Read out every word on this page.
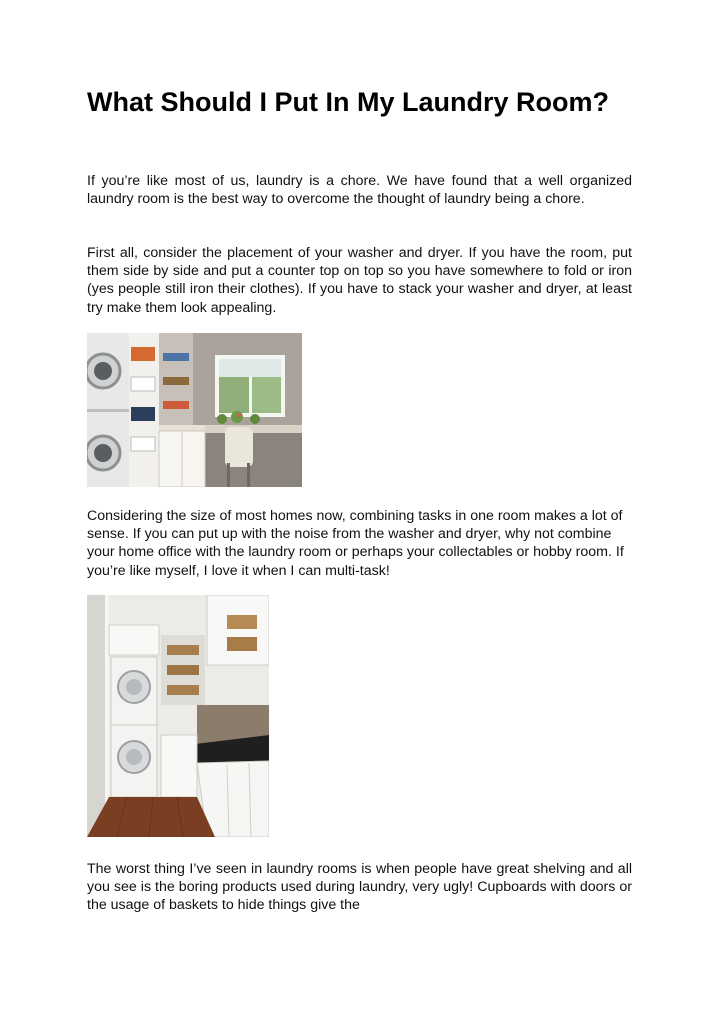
What Should I Put In My Laundry Room?

If you’re like most of us, laundry is a chore. We have found that a well organized laundry room is the best way to overcome the thought of laundry being a chore.

First all, consider the placement of your washer and dryer. If you have the room, put them side by side and put a counter top on top so you have somewhere to fold or iron (yes people still iron their clothes). If you have to stack your washer and dryer, at least try make them look appealing.

Considering the size of most homes now, combining tasks in one room makes a lot of sense. If you can put up with the noise from the washer and dryer, why not combine your home office with the laundry room or perhaps your collectables or hobby room. If you’re like myself, I love it when I can multi-task!

The worst thing I’ve seen in laundry rooms is when people have great shelving and all you see is the boring products used during laundry, very ugly! Cupboards with doors or the usage of baskets to hide things give the
